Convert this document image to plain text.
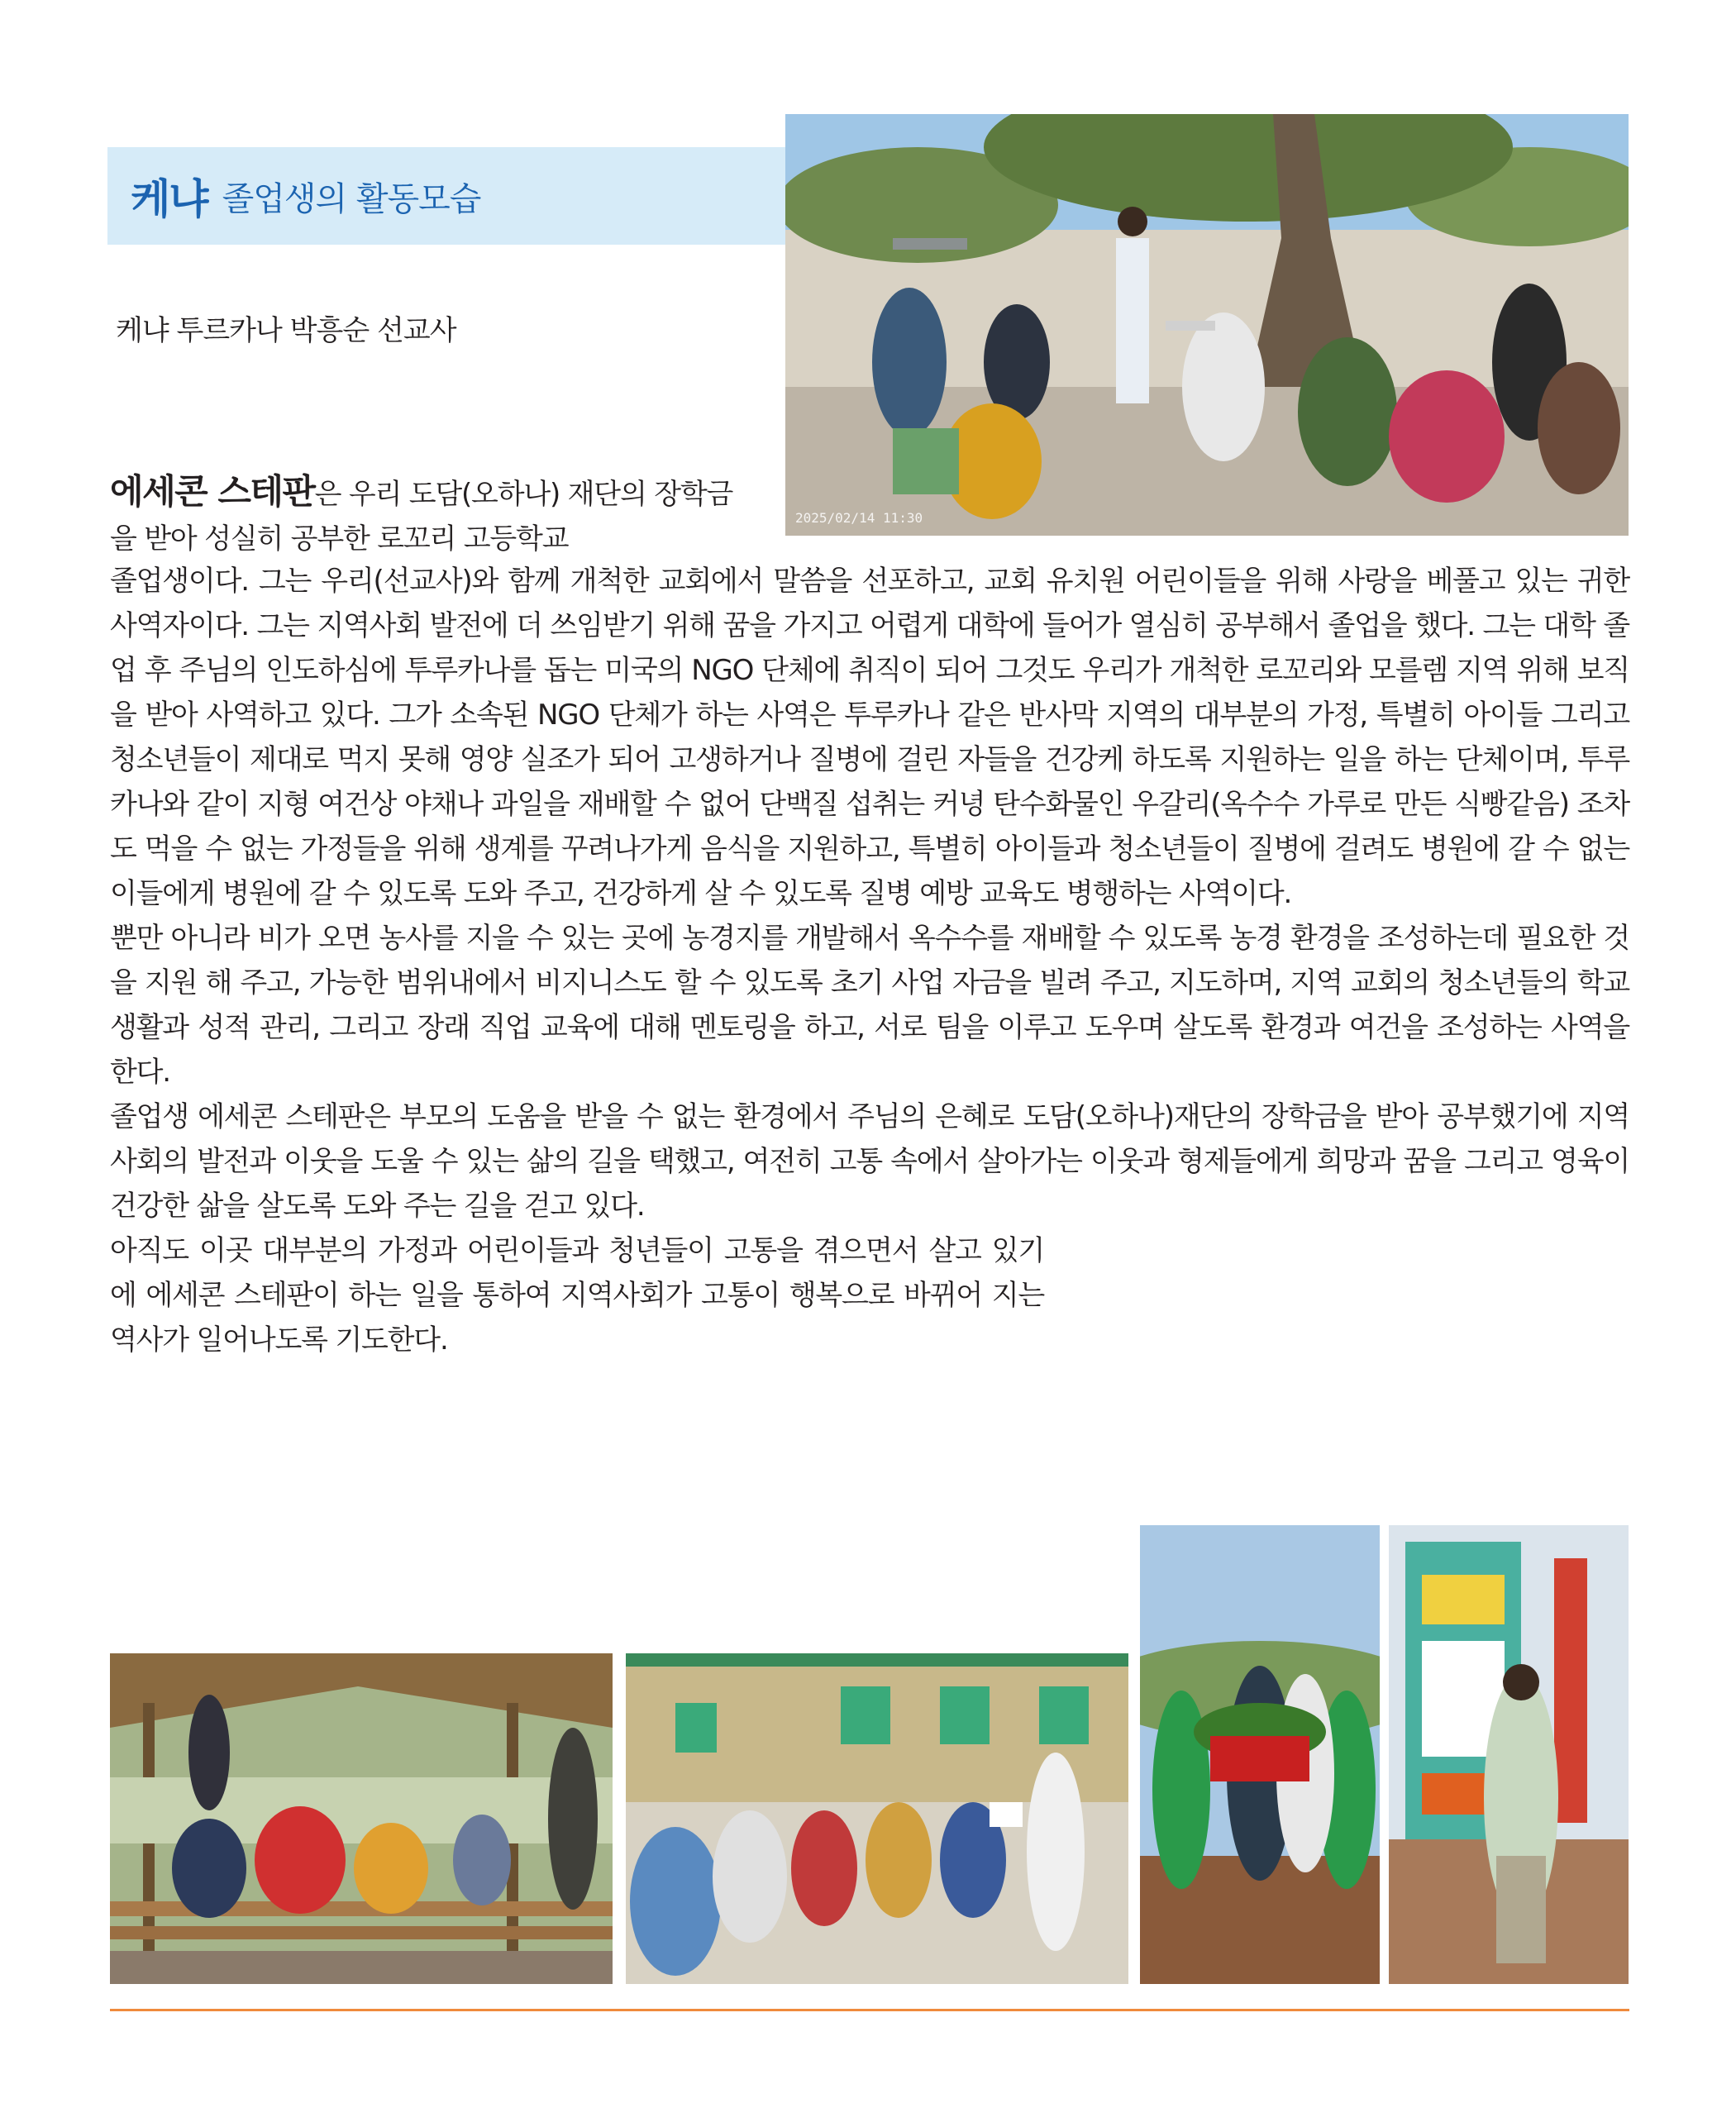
케냐 졸업생의 활동모습
케냐 투르카나 박흥순 선교사
2025/02/14 11:30

에세콘 스테판은 우리 도담(오하나) 재단의 장학금을 받아 성실히 공부한 로꼬리 고등학교

졸업생이다. 그는 우리(선교사)와 함께 개척한 교회에서 말씀을 선포하고, 교회 유치원 어린이들을 위해 사랑을 베풀고 있는 귀한 사역자이다. 그는 지역사회 발전에 더 쓰임받기 위해 꿈을 가지고 어렵게 대학에 들어가 열심히 공부해서 졸업을 했다. 그는 대학 졸업 후 주님의 인도하심에 투루카나를 돕는 미국의 NGO 단체에 취직이 되어 그것도 우리가 개척한 로꼬리와 모를렘 지역 위해 보직을 받아 사역하고 있다. 그가 소속된 NGO 단체가 하는 사역은 투루카나 같은 반사막 지역의 대부분의 가정, 특별히 아이들 그리고 청소년들이 제대로 먹지 못해 영양 실조가 되어 고생하거나 질병에 걸린 자들을 건강케 하도록 지원하는 일을 하는 단체이며, 투루카나와 같이 지형 여건상 야채나 과일을 재배할 수 없어 단백질 섭취는 커녕 탄수화물인 우갈리(옥수수 가루로 만든 식빵같음) 조차도 먹을 수 없는 가정들을 위해 생계를 꾸려나가게 음식을 지원하고, 특별히 아이들과 청소년들이 질병에 걸려도 병원에 갈 수 없는 이들에게 병원에 갈 수 있도록 도와 주고, 건강하게 살 수 있도록 질병 예방 교육도 병행하는 사역이다.

뿐만 아니라 비가 오면 농사를 지을 수 있는 곳에 농경지를 개발해서 옥수수를 재배할 수 있도록 농경 환경을 조성하는데 필요한 것을 지원 해 주고, 가능한 범위내에서 비지니스도 할 수 있도록 초기 사업 자금을 빌려 주고, 지도하며, 지역 교회의 청소년들의 학교 생활과 성적 관리, 그리고 장래 직업 교육에 대해 멘토링을 하고, 서로 팀을 이루고 도우며 살도록 환경과 여건을 조성하는 사역을 한다.

졸업생 에세콘 스테판은 부모의 도움을 받을 수 없는 환경에서 주님의 은혜로 도담(오하나)재단의 장학금을 받아 공부했기에 지역 사회의 발전과 이웃을 도울 수 있는 삶의 길을 택했고, 여전히 고통 속에서 살아가는 이웃과 형제들에게 희망과 꿈을 그리고 영육이 건강한 삶을 살도록 도와 주는 길을 걷고 있다.

아직도 이곳 대부분의 가정과 어린이들과 청년들이 고통을 겪으면서 살고 있기에 에세콘 스테판이 하는 일을 통하여 지역사회가 고통이 행복으로 바뀌어 지는 역사가 일어나도록 기도한다.
